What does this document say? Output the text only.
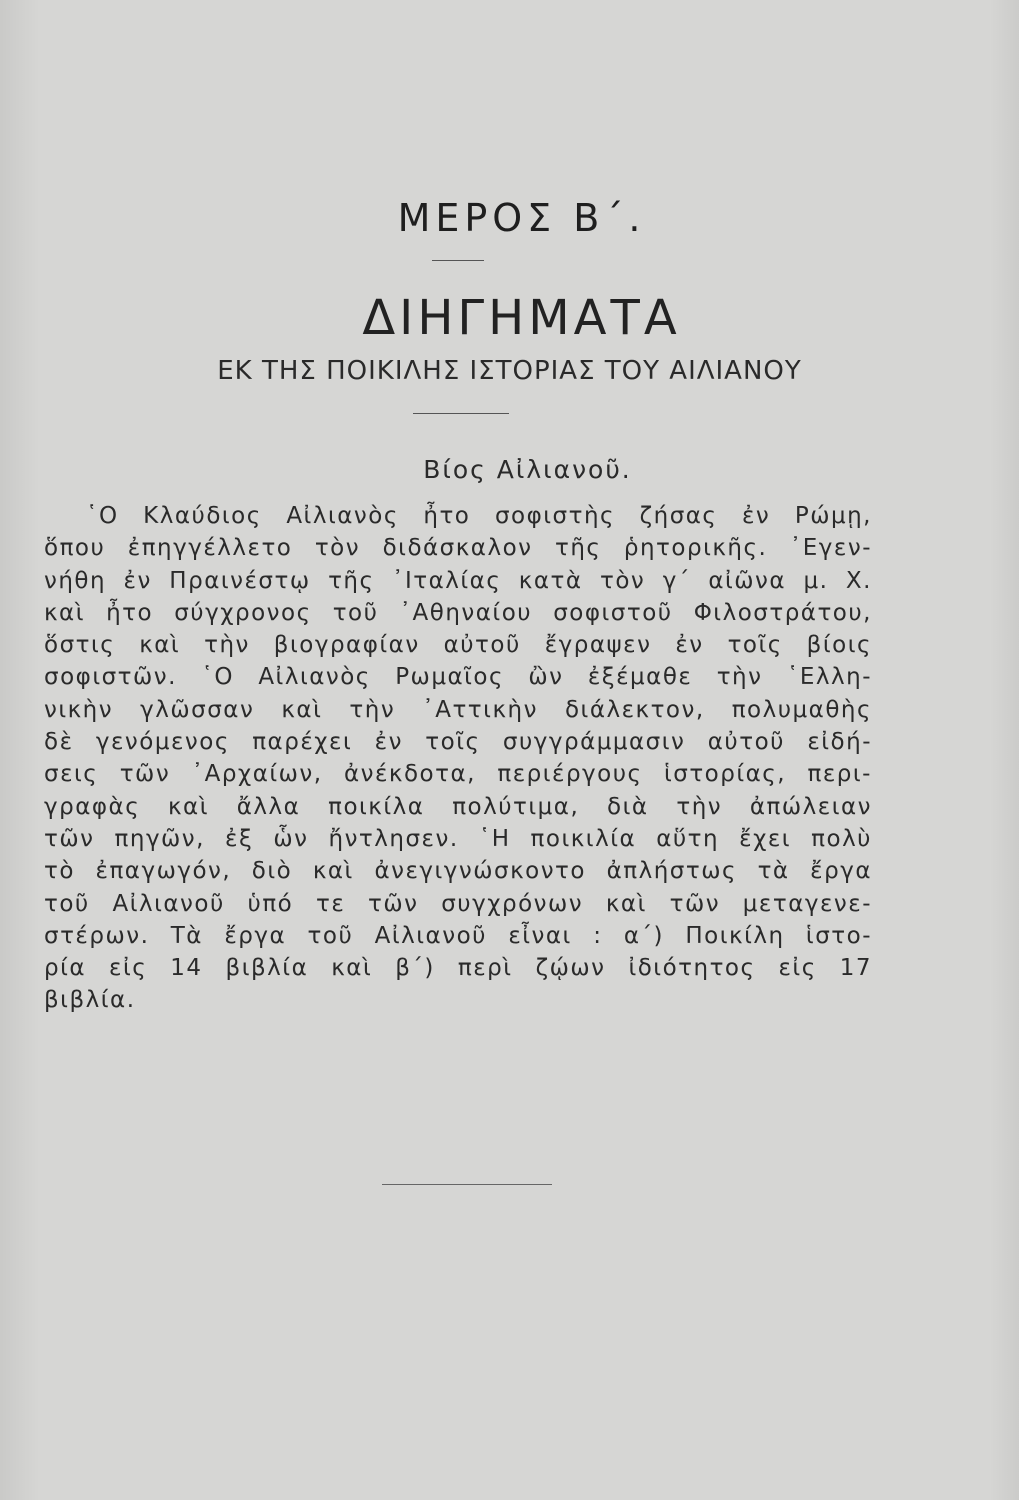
ΜΕΡΟΣ Β΄.
ΔΙΗΓΗΜΑΤΑ
ΕΚ ΤΗΣ ΠΟΙΚΙΛΗΣ ΙΣΤΟΡΙΑΣ ΤΟΥ ΑΙΛΙΑΝΟΥ
Βίος Αἰλιανοῦ.
῾Ο Κλαύδιος Αἰλιανὸς ἦτο σοφιστὴς ζήσας ἐν Ρώμῃ,
ὅπου ἐπηγγέλλετο τὸν διδάσκαλον τῆς ῥητορικῆς. ᾿Εγεν-
νήθη ἐν Πραινέστῳ τῆς ᾿Ιταλίας κατὰ τὸν γ΄ αἰῶνα μ. Χ.
καὶ ἦτο σύγχρονος τοῦ ᾿Αθηναίου σοφιστοῦ Φιλοστράτου,
ὅστις καὶ τὴν βιογραφίαν αὐτοῦ ἔγραψεν ἐν τοῖς βίοις
σοφιστῶν. ῾Ο Αἰλιανὸς Ρωμαῖος ὢν ἐξέμαθε τὴν ῾Ελλη-
νικὴν γλῶσσαν καὶ τὴν ᾿Αττικὴν διάλεκτον, πολυμαθὴς
δὲ γενόμενος παρέχει ἐν τοῖς συγγράμμασιν αὐτοῦ εἰδή-
σεις τῶν ᾿Αρχαίων, ἀνέκδοτα, περιέργους ἱστορίας, περι-
γραφὰς καὶ ἄλλα ποικίλα πολύτιμα, διὰ τὴν ἀπώλειαν
τῶν πηγῶν, ἐξ ὧν ἤντλησεν. ῾Η ποικιλία αὕτη ἔχει πολὺ
τὸ ἐπαγωγόν, διὸ καὶ ἀνεγιγνώσκοντο ἀπλήστως τὰ ἔργα
τοῦ Αἰλιανοῦ ὑπό τε τῶν συγχρόνων καὶ τῶν μεταγενε-
στέρων. Τὰ ἔργα τοῦ Αἰλιανοῦ εἶναι : α΄) Ποικίλη ἱστο-
ρία εἰς 14 βιβλία καὶ β΄) περὶ ζῴων ἰδιότητος εἰς 17
βιβλία.
